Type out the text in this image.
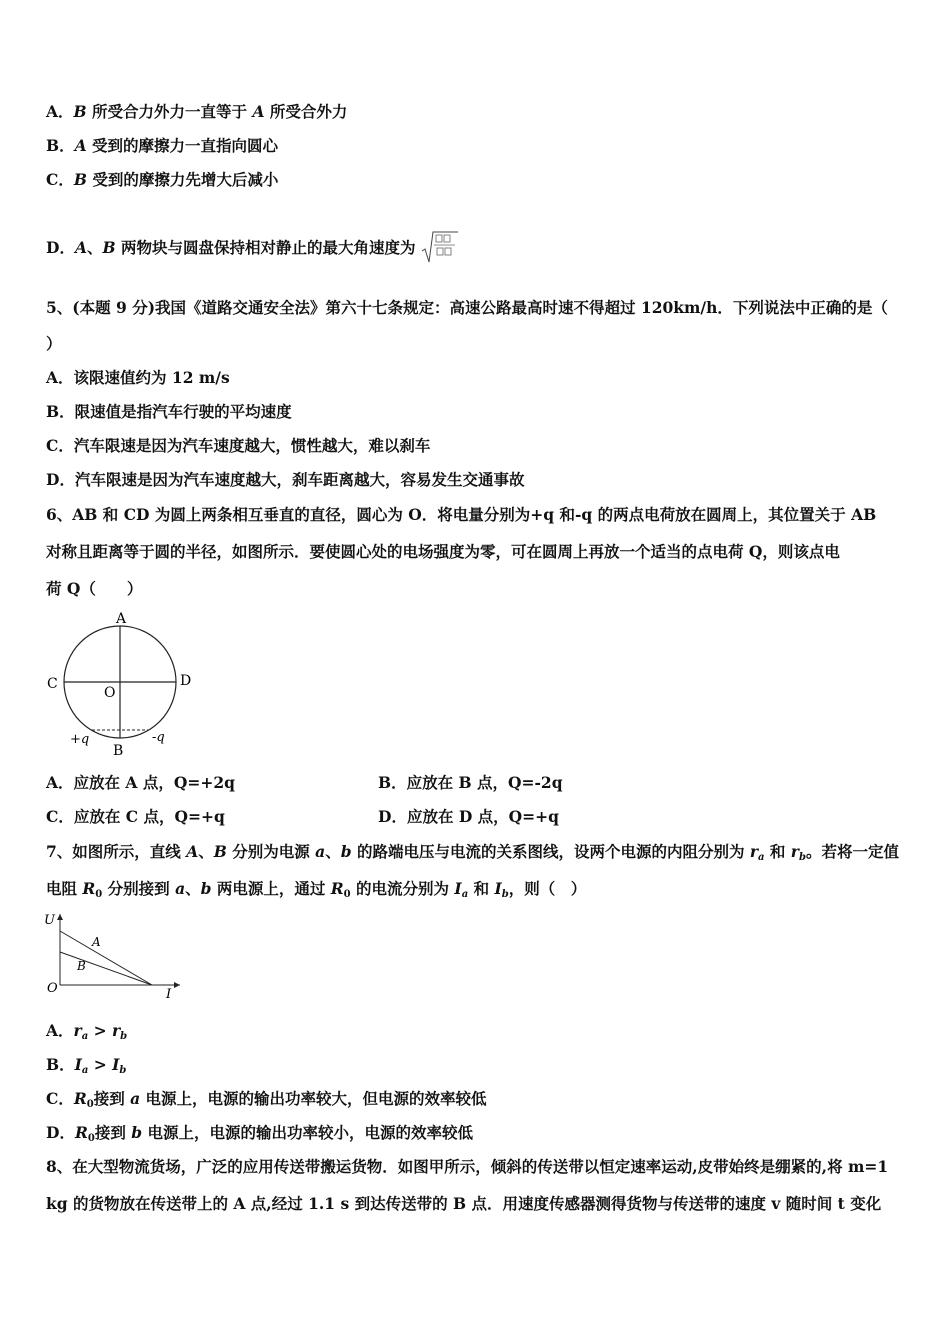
A．B 所受合力外力一直等于 A 所受合外力
B．A 受到的摩擦力一直指向圆心
C．B 受到的摩擦力先增大后减小
D．A、B 两物块与圆盘保持相对静止的最大角速度为
5、(本题 9 分)我国《道路交通安全法》第六十七条规定：高速公路最高时速不得超过 120km/h．下列说法中正确的是（
）
A．该限速值约为 12 m/s
B．限速值是指汽车行驶的平均速度
C．汽车限速是因为汽车速度越大，惯性越大，难以刹车
D．汽车限速是因为汽车速度越大，刹车距离越大，容易发生交通事故
6、AB 和 CD 为圆上两条相互垂直的直径，圆心为 O．将电量分别为+q 和-q 的两点电荷放在圆周上，其位置关于 AB
对称且距离等于圆的半径，如图所示．要使圆心处的电场强度为零，可在圆周上再放一个适当的点电荷 Q，则该点电
荷 Q（　　）
A
B
C	D
O
+q	-q
A．应放在 A 点，Q=+2q	B．应放在 B 点，Q=-2q
C．应放在 C 点，Q=+q	D．应放在 D 点，Q=+q
7、如图所示，直线 A、B 分别为电源 a、b 的路端电压与电流的关系图线，设两个电源的内阻分别为 $r_a$ 和 $r_b$。若将一定值
电阻 $R_0$ 分别接到 a、b 两电源上，通过 $R_0$ 的电流分别为 $I_a$ 和 $I_b$，则（　）
U
I
O
A
B
A．$r_a > r_b$
B．$I_a > I_b$
C．$R_0$接到 a 电源上，电源的输出功率较大，但电源的效率较低
D．$R_0$接到 b 电源上，电源的输出功率较小，电源的效率较低
8、在大型物流货场，广泛的应用传送带搬运货物．如图甲所示，倾斜的传送带以恒定速率运动,皮带始终是绷紧的,将 m=1
kg 的货物放在传送带上的 A 点,经过 1.1 s 到达传送带的 B 点．用速度传感器测得货物与传送带的速度 v 随时间 t 变化
